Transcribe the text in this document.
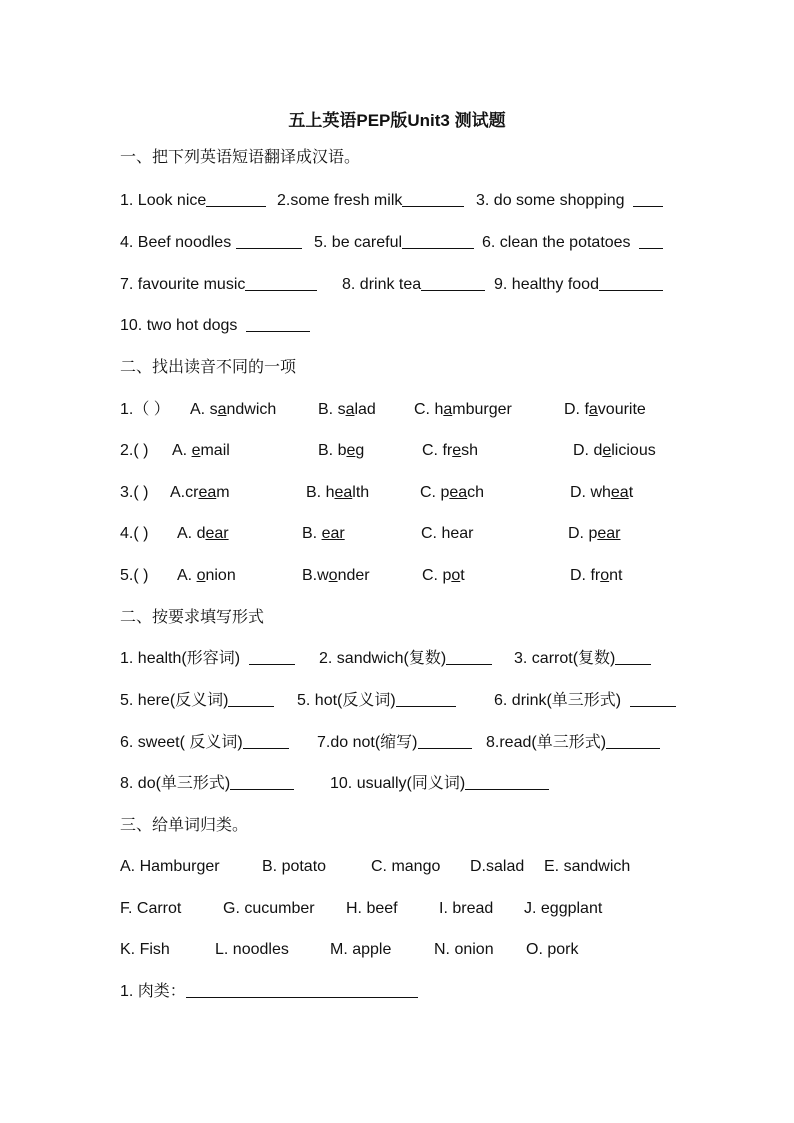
五上英语PEP版Unit3 测试题
一、把下列英语短语翻译成汉语。
1. Look nice	2.some fresh milk	3. do some shopping
4. Beef noodles	5. be careful	6. clean the potatoes
7. favourite music	8. drink tea	9. healthy food
10. two hot dogs
二、找出读音不同的一项
1.（ ） A. sandwich	B. salad C. hamburger	D. favourite
2.( ) A. email	B. beg	C. fresh	D. delicious
3.( ) A.cream	B. health	C. peach	D. wheat
4.( ) A. dear	B. ear	C. hear	D. pear
5.( ) A. onion	B.wonder	C. pot	D. front
二、按要求填写形式
1. health(形容词)	2. sandwich(复数)	3. carrot(复数)
5. here(反义词)	5. hot(反义词)	6. drink(单三形式)
6. sweet( 反义词)	7.do not(缩写)	8.read(单三形式)
8. do(单三形式)	10. usually(同义词)
三、给单词归类。
A. Hamburger	B. potato	C. mango D.salad E. sandwich
F. Carrot	G. cucumber H. beef	I. bread J. eggplant
K. Fish	L. noodles	M. apple	N. onion O. pork
1. 肉类：
